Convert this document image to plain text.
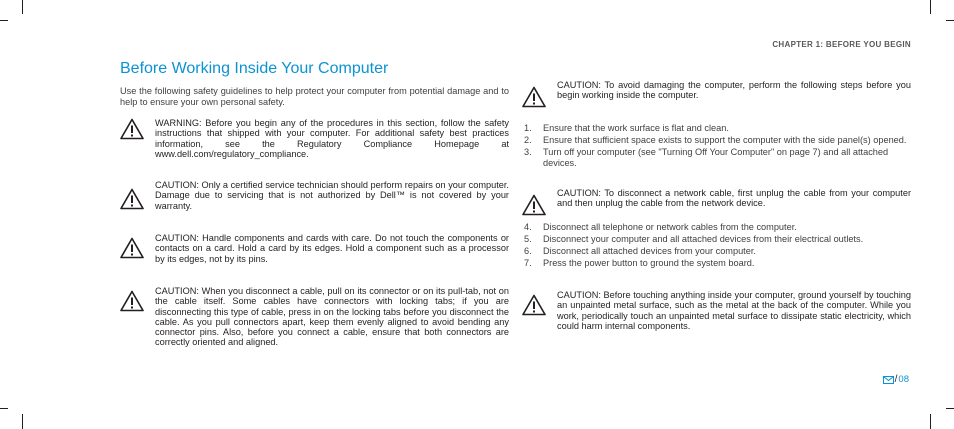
CHAPTER 1: BEFORE YOU BEGIN
Before Working Inside Your Computer
Use the following safety guidelines to help protect your computer from potential damage and to help to ensure your own personal safety.
WARNING: Before you begin any of the procedures in this section, follow the safety instructions that shipped with your computer. For additional safety best practices information, see the Regulatory Compliance Homepage at www.dell.com/regulatory_compliance.
CAUTION: Only a certified service technician should perform repairs on your computer. Damage due to servicing that is not authorized by Dell™ is not covered by your warranty.
CAUTION: Handle components and cards with care. Do not touch the components or contacts on a card. Hold a card by its edges. Hold a component such as a processor by its edges, not by its pins.
CAUTION: When you disconnect a cable, pull on its connector or on its pull-tab, not on the cable itself. Some cables have connectors with locking tabs; if you are disconnecting this type of cable, press in on the locking tabs before you disconnect the cable. As you pull connectors apart, keep them evenly aligned to avoid bending any connector pins. Also, before you connect a cable, ensure that both connectors are correctly oriented and aligned.
CAUTION: To avoid damaging the computer, perform the following steps before you begin working inside the computer.
1. Ensure that the work surface is flat and clean.
2. Ensure that sufficient space exists to support the computer with the side panel(s) opened.
3. Turn off your computer (see "Turning Off Your Computer" on page 7) and all attached devices.
CAUTION: To disconnect a network cable, first unplug the cable from your computer and then unplug the cable from the network device.
4. Disconnect all telephone or network cables from the computer.
5. Disconnect your computer and all attached devices from their electrical outlets.
6. Disconnect all attached devices from your computer.
7. Press the power button to ground the system board.
CAUTION: Before touching anything inside your computer, ground yourself by touching an unpainted metal surface, such as the metal at the back of the computer. While you work, periodically touch an unpainted metal surface to dissipate static electricity, which could harm internal components.
/ 08
